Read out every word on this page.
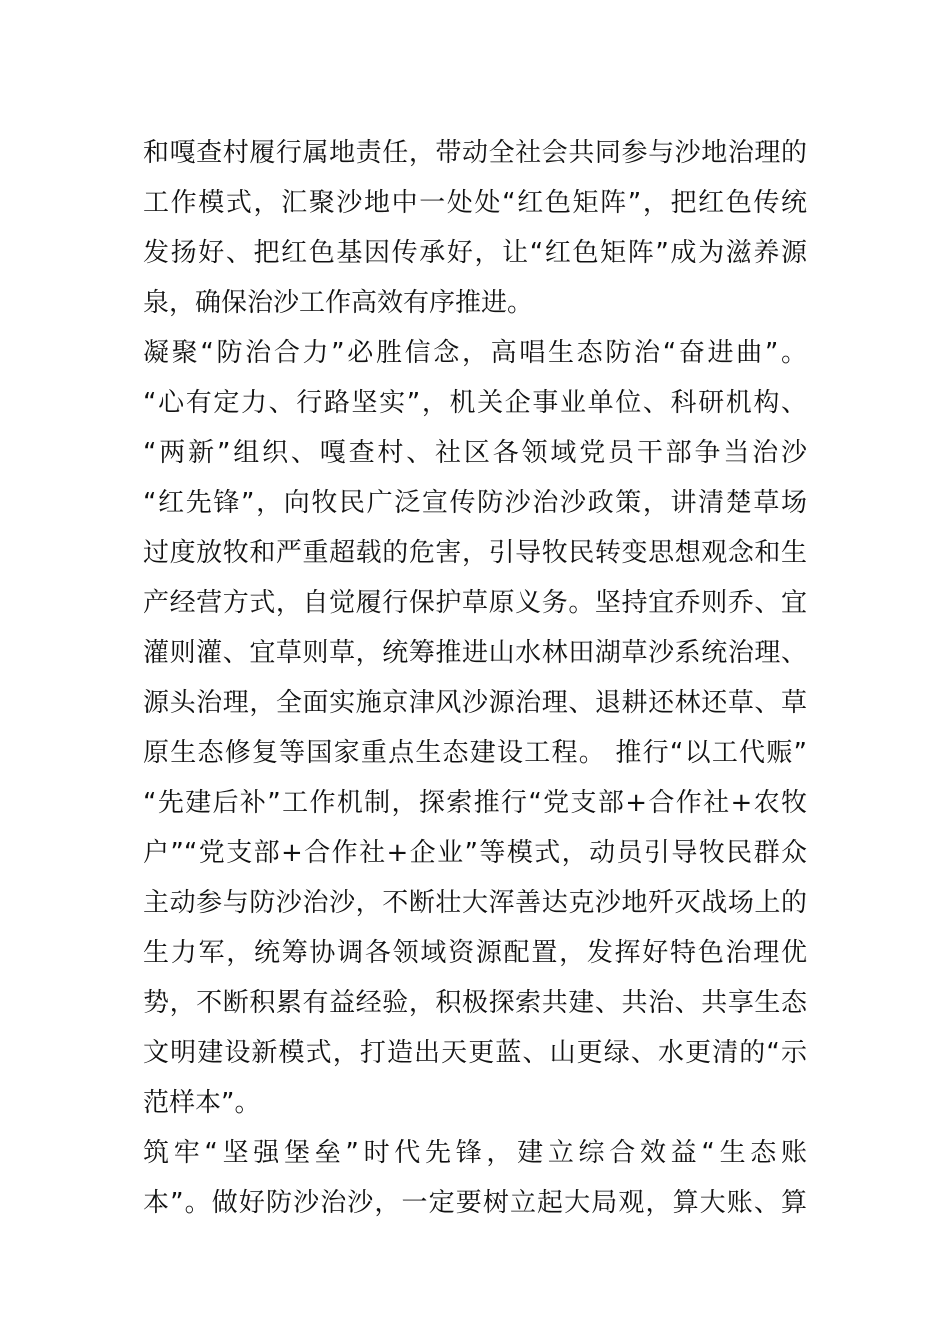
和嘎查村履行属地责任，带动全社会共同参与沙地治理的
工作模式，汇聚沙地中一处处“红色矩阵”，把红色传统
发扬好、把红色基因传承好，让“红色矩阵”成为滋养源
泉，确保治沙工作高效有序推进。
凝聚“防治合力”必胜信念，高唱生态防治“奋进曲”。
“心有定力、行路坚实”，机关企事业单位、科研机构、
“两新”组织、嘎查村、社区各领域党员干部争当治沙
“红先锋”，向牧民广泛宣传防沙治沙政策，讲清楚草场
过度放牧和严重超载的危害，引导牧民转变思想观念和生
产经营方式，自觉履行保护草原义务。坚持宜乔则乔、宜
灌则灌、宜草则草，统筹推进山水林田湖草沙系统治理、
源头治理，全面实施京津风沙源治理、退耕还林还草、草
原生态修复等国家重点生态建设工程。 推行“以工代赈”
“先建后补”工作机制，探索推行“党支部+合作社+农牧
户”“党支部+合作社+企业”等模式，动员引导牧民群众
主动参与防沙治沙，不断壮大浑善达克沙地歼灭战场上的
生力军，统筹协调各领域资源配置，发挥好特色治理优
势，不断积累有益经验，积极探索共建、共治、共享生态
文明建设新模式，打造出天更蓝、山更绿、水更清的“示
范样本”。
筑牢“坚强堡垒”时代先锋，建立综合效益“生态账
本”。做好防沙治沙，一定要树立起大局观，算大账、算
